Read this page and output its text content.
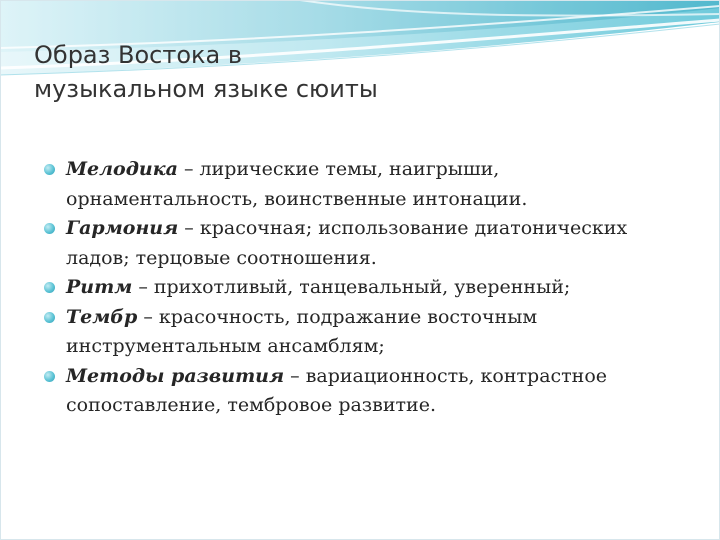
Образ Востока в
музыкальном языке сюиты
Мелодика – лирические темы, наигрыши, орнаментальность, воинственные интонации.
Гармония – красочная; использование диатонических ладов; терцовые соотношения.
Ритм – прихотливый, танцевальный, уверенный;
Тембр – красочность, подражание восточным инструментальным ансамблям;
Методы развития – вариационность, контрастное сопоставление, тембровое развитие.
